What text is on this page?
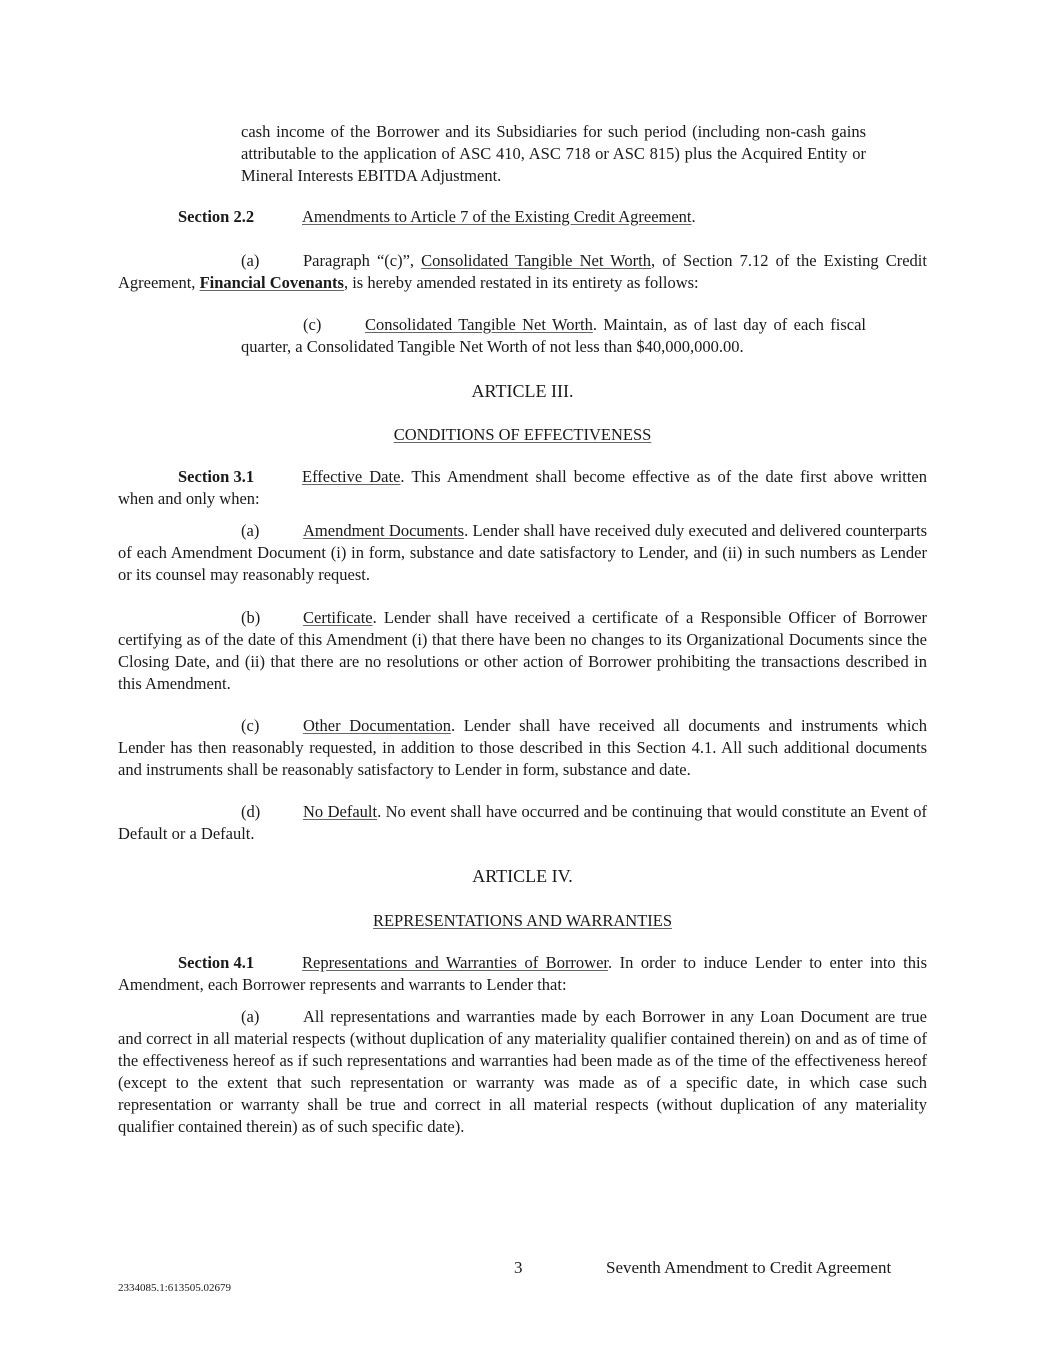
cash income of the Borrower and its Subsidiaries for such period (including non-cash gains attributable to the application of ASC 410, ASC 718 or ASC 815) plus the Acquired Entity or Mineral Interests EBITDA Adjustment.

Section 2.2	Amendments to Article 7 of the Existing Credit Agreement.

(a)	Paragraph “(c)”, Consolidated Tangible Net Worth, of Section 7.12 of the Existing Credit Agreement, Financial Covenants, is hereby amended restated in its entirety as follows:

(c)	Consolidated Tangible Net Worth. Maintain, as of last day of each fiscal quarter, a Consolidated Tangible Net Worth of not less than $40,000,000.00.

ARTICLE III.
CONDITIONS OF EFFECTIVENESS

Section 3.1	Effective Date. This Amendment shall become effective as of the date first above written when and only when:

(a)	Amendment Documents. Lender shall have received duly executed and delivered counterparts of each Amendment Document (i) in form, substance and date satisfactory to Lender, and (ii) in such numbers as Lender or its counsel may reasonably request.

(b)	Certificate. Lender shall have received a certificate of a Responsible Officer of Borrower certifying as of the date of this Amendment (i) that there have been no changes to its Organizational Documents since the Closing Date, and (ii) that there are no resolutions or other action of Borrower prohibiting the transactions described in this Amendment.

(c)	Other Documentation. Lender shall have received all documents and instruments which Lender has then reasonably requested, in addition to those described in this Section 4.1. All such additional documents and instruments shall be reasonably satisfactory to Lender in form, substance and date.

(d)	No Default. No event shall have occurred and be continuing that would constitute an Event of Default or a Default.

ARTICLE IV.
REPRESENTATIONS AND WARRANTIES

Section 4.1	Representations and Warranties of Borrower. In order to induce Lender to enter into this Amendment, each Borrower represents and warrants to Lender that:

(a)	All representations and warranties made by each Borrower in any Loan Document are true and correct in all material respects (without duplication of any materiality qualifier contained therein) on and as of time of the effectiveness hereof as if such representations and warranties had been made as of the time of the effectiveness hereof (except to the extent that such representation or warranty was made as of a specific date, in which case such representation or warranty shall be true and correct in all material respects (without duplication of any materiality qualifier contained therein) as of such specific date).

3	Seventh Amendment to Credit Agreement
2334085.1:613505.02679
